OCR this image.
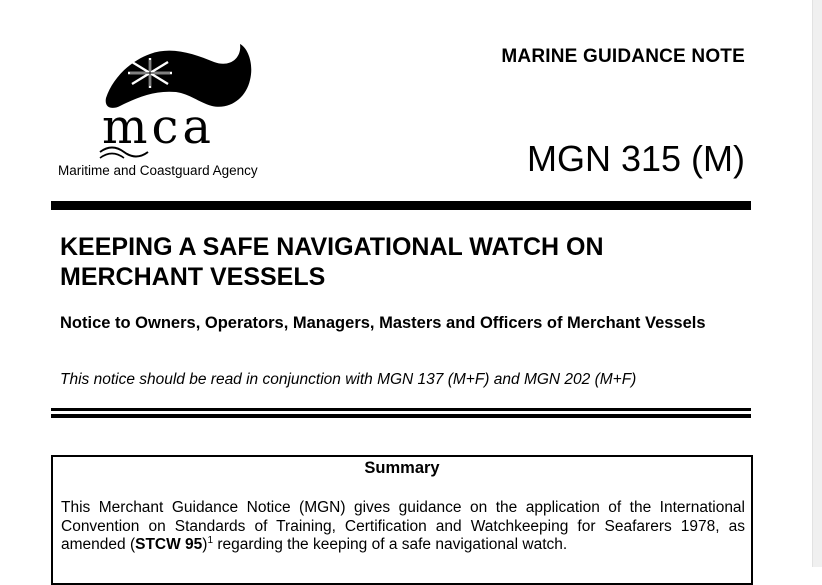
mca
Maritime and Coastguard Agency
MARINE GUIDANCE NOTE
MGN 315 (M)
KEEPING A SAFE NAVIGATIONAL WATCH ON MERCHANT VESSELS

Notice to Owners, Operators, Managers, Masters and Officers of Merchant Vessels

This notice should be read in conjunction with MGN 137 (M+F) and MGN 202 (M+F)

Summary

This Merchant Guidance Notice (MGN) gives guidance on the application of the International Convention on Standards of Training, Certification and Watchkeeping for Seafarers 1978, as amended (STCW 95)$^1$ regarding the keeping of a safe navigational watch.
